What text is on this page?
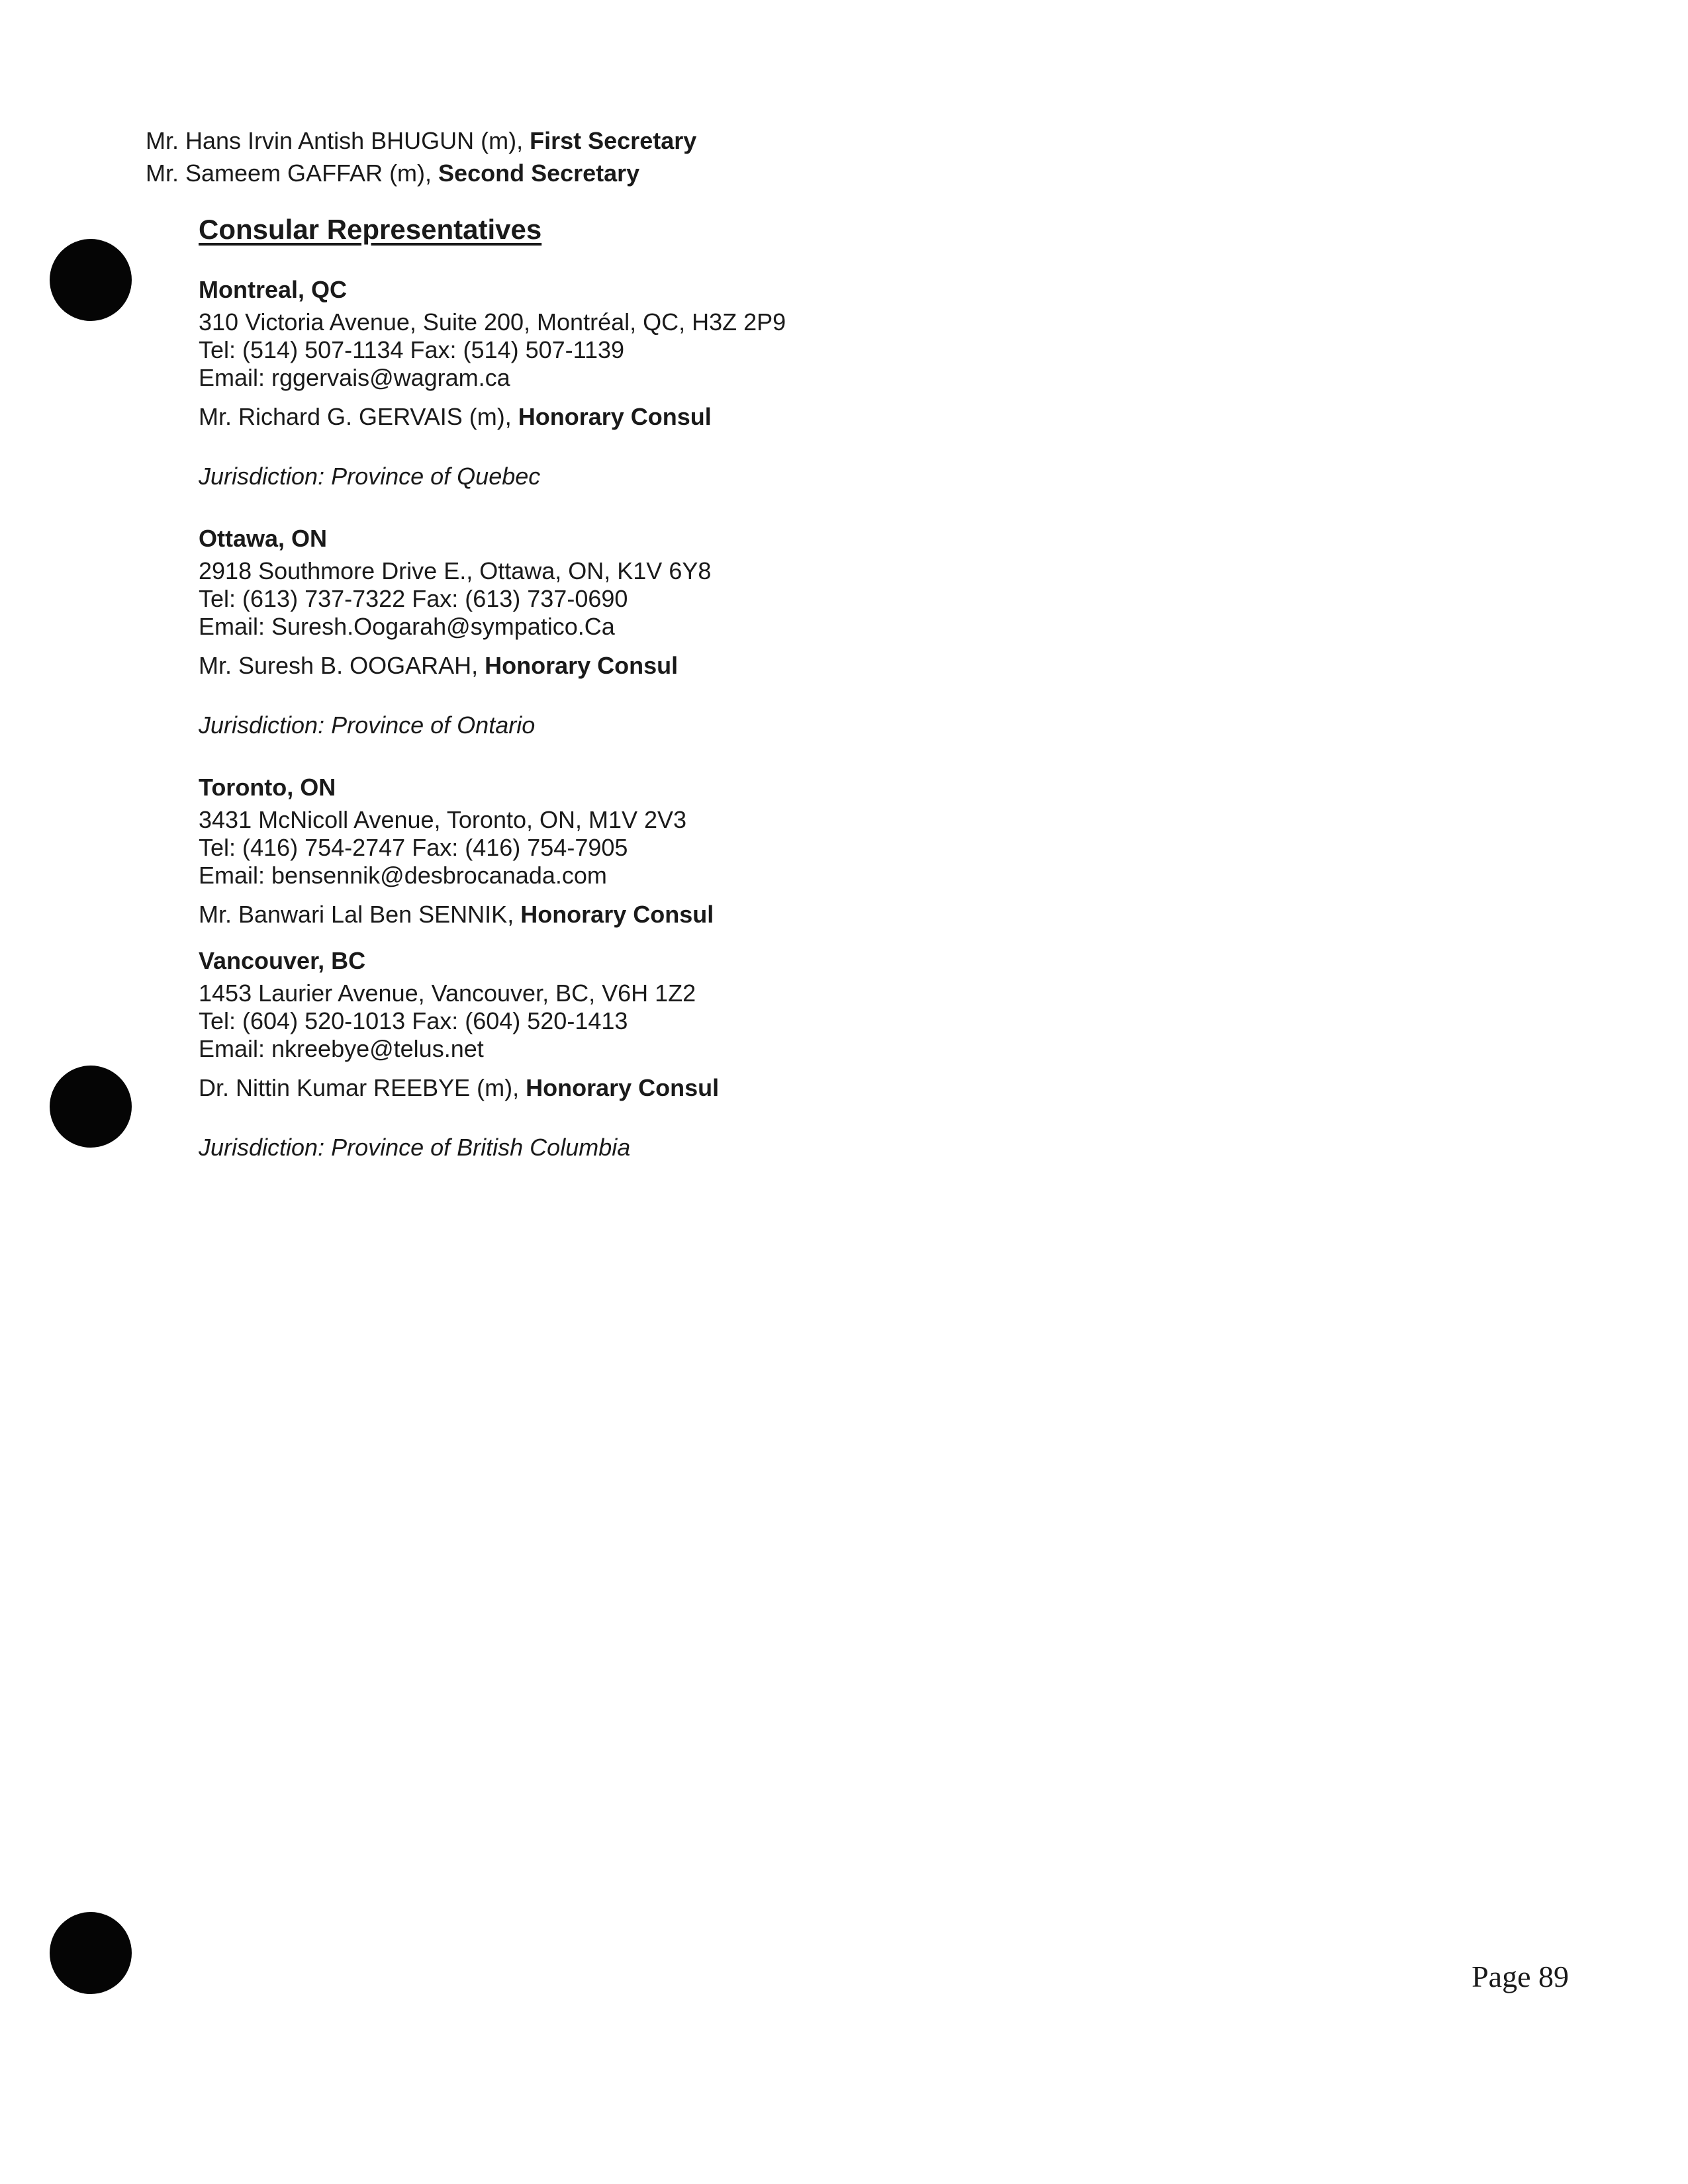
Mr. Hans Irvin Antish BHUGUN (m), First Secretary
Mr. Sameem GAFFAR (m), Second Secretary
Consular Representatives
Montreal, QC
310 Victoria Avenue, Suite 200, Montréal, QC, H3Z 2P9
Tel: (514) 507-1134 Fax: (514) 507-1139
Email: rggervais@wagram.ca
Mr. Richard G. GERVAIS (m), Honorary Consul
Jurisdiction: Province of Quebec
Ottawa, ON
2918 Southmore Drive E., Ottawa, ON, K1V 6Y8
Tel: (613) 737-7322 Fax: (613) 737-0690
Email: Suresh.Oogarah@sympatico.Ca
Mr. Suresh B. OOGARAH, Honorary Consul
Jurisdiction: Province of Ontario
Toronto, ON
3431 McNicoll Avenue, Toronto, ON, M1V 2V3
Tel: (416) 754-2747 Fax: (416) 754-7905
Email: bensennik@desbrocanada.com
Mr. Banwari Lal Ben SENNIK, Honorary Consul
Vancouver, BC
1453 Laurier Avenue, Vancouver, BC, V6H 1Z2
Tel: (604) 520-1013 Fax: (604) 520-1413
Email: nkreebye@telus.net
Dr. Nittin Kumar REEBYE (m), Honorary Consul
Jurisdiction: Province of British Columbia
Page 89
